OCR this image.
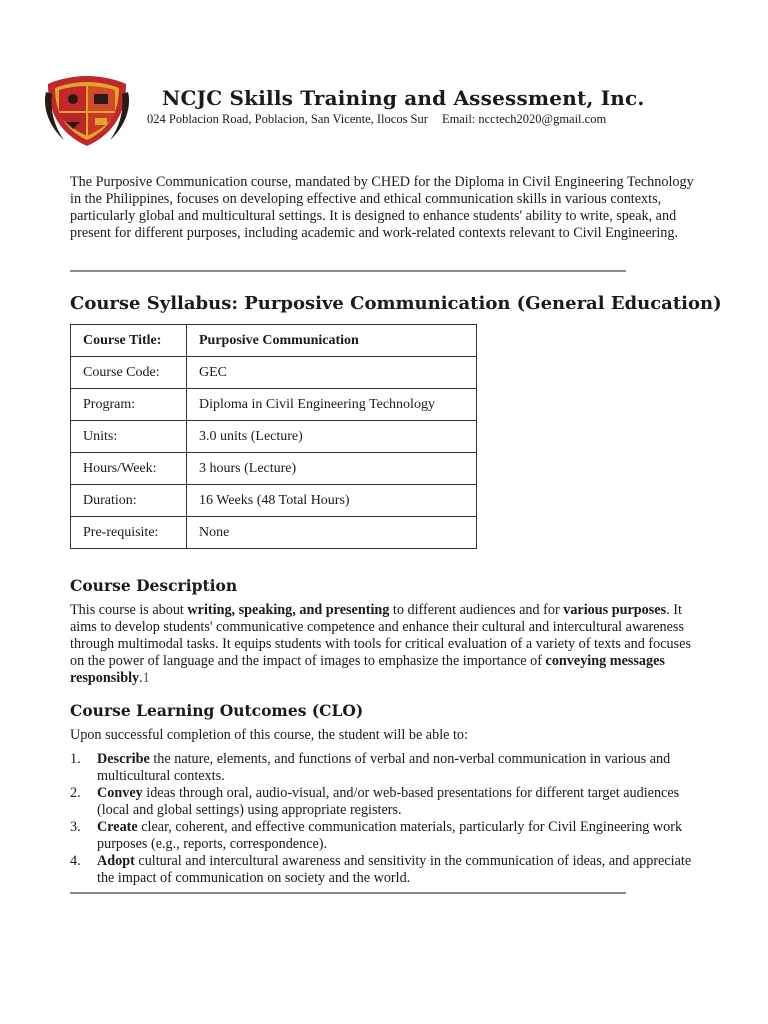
NCJC Skills Training and Assessment, Inc.
024 Poblacion Road, Poblacion, San Vicente, Ilocos Sur Email: ncctech2020@gmail.com

The Purposive Communication course, mandated by CHED for the Diploma in Civil Engineering Technology in the Philippines, focuses on developing effective and ethical communication skills in various contexts, particularly global and multicultural settings. It is designed to enhance students' ability to write, speak, and present for different purposes, including academic and work-related contexts relevant to Civil Engineering.

Course Syllabus: Purposive Communication (General Education)
Course Title:	Purposive Communication
Course Code:	GEC
Program:	Diploma in Civil Engineering Technology
Units:	3.0 units (Lecture)
Hours/Week:	3 hours (Lecture)
Duration:	16 Weeks (48 Total Hours)
Pre-requisite:	None
Course Description

This course is about writing, speaking, and presenting to different audiences and for various purposes. It aims to develop students' communicative competence and enhance their cultural and intercultural awareness through multimodal tasks. It equips students with tools for critical evaluation of a variety of texts and focuses on the power of language and the impact of images to emphasize the importance of conveying messages responsibly.1

Course Learning Outcomes (CLO)

Upon successful completion of this course, the student will be able to:

1. Describe the nature, elements, and functions of verbal and non-verbal communication in various and multicultural contexts.
2. Convey ideas through oral, audio-visual, and/or web-based presentations for different target audiences (local and global settings) using appropriate registers.
3. Create clear, coherent, and effective communication materials, particularly for Civil Engineering work purposes (e.g., reports, correspondence).
4. Adopt cultural and intercultural awareness and sensitivity in the communication of ideas, and appreciate the impact of communication on society and the world.
